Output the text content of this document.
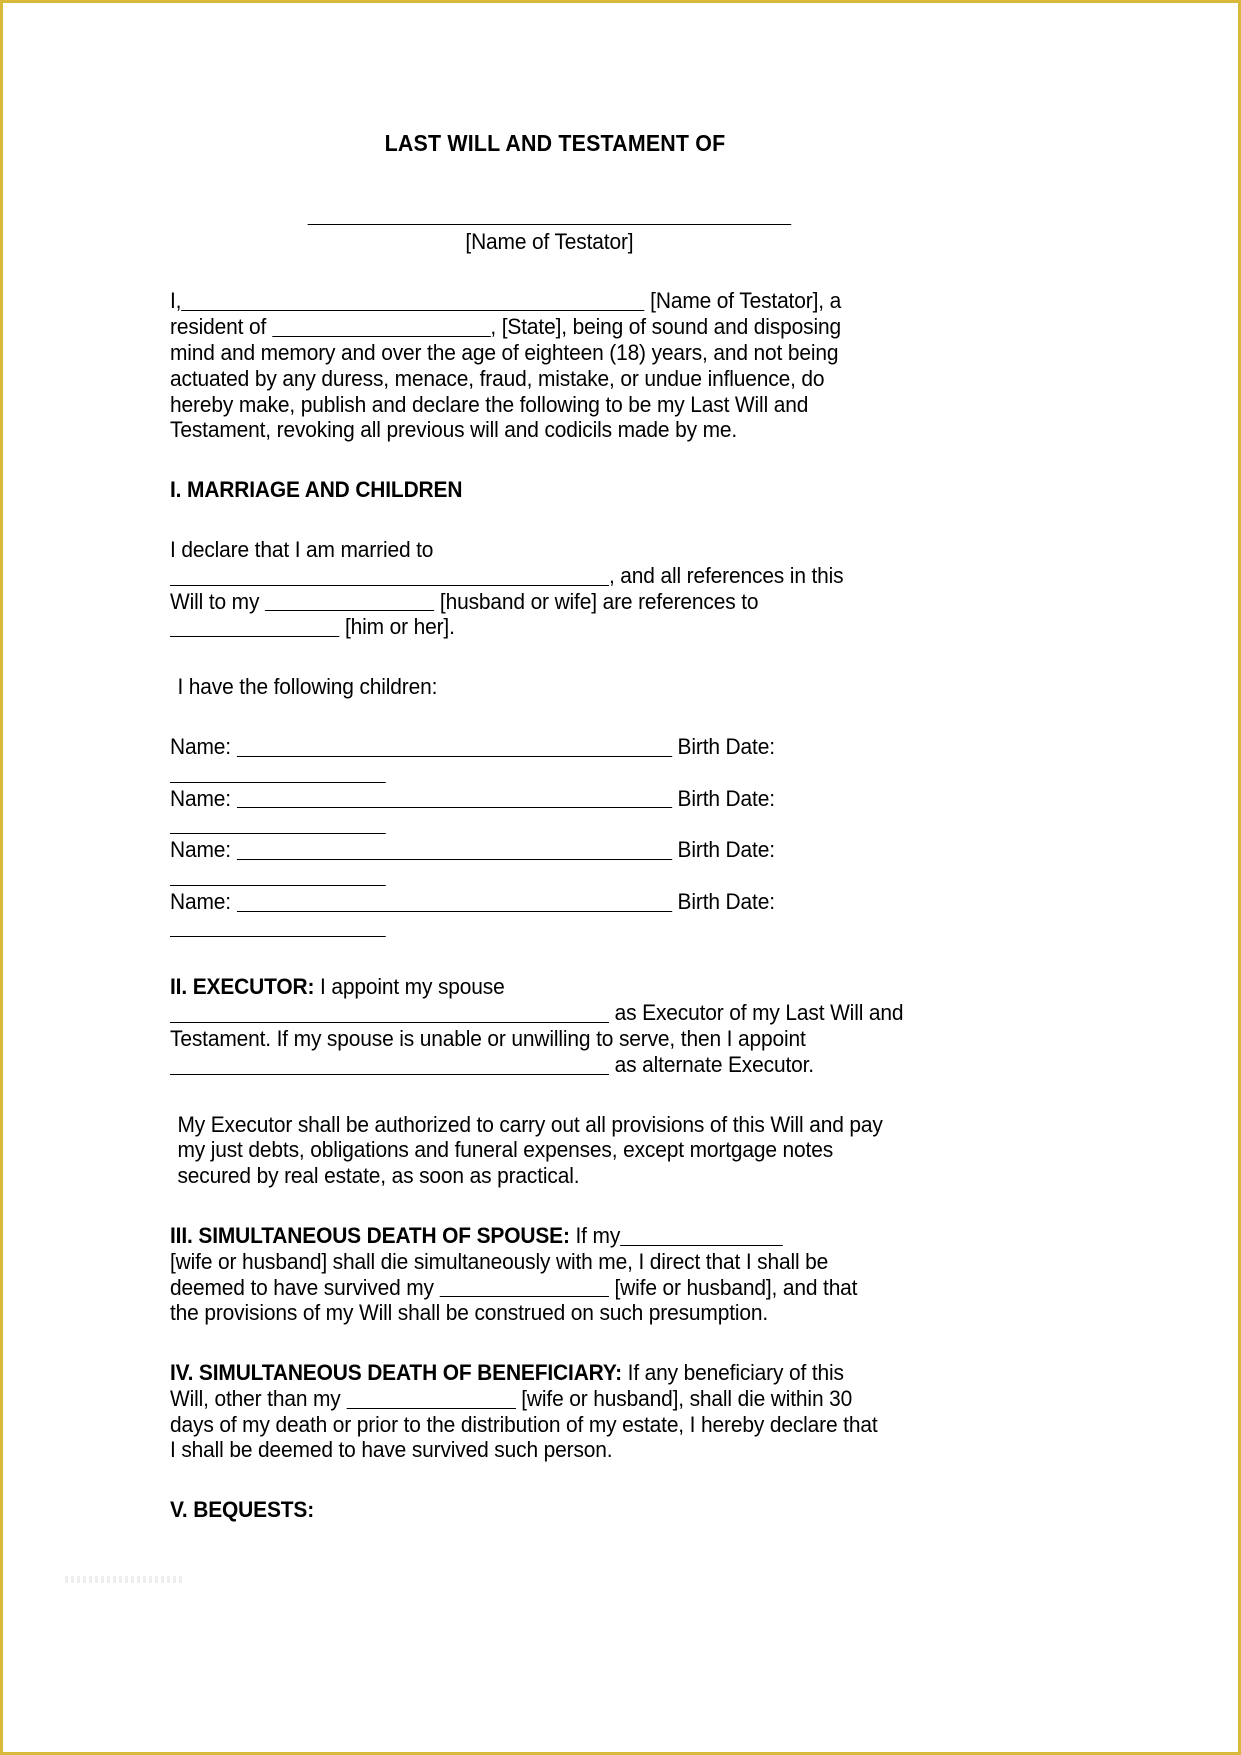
LAST WILL AND TESTAMENT OF
[Name of Testator]

I,	[Name of Testator], a
resident of	, [State], being of sound and disposing
mind and memory and over the age of eighteen (18) years, and not being
actuated by any duress, menace, fraud, mistake, or undue influence, do
hereby make, publish and declare the following to be my Last Will and
Testament, revoking all previous will and codicils made by me.

I. MARRIAGE AND CHILDREN

I declare that I am married to
, and all references in this
Will to my	[husband or wife] are references to
[him or her].

I have the following children:

Name:	Birth Date:

Name:	Birth Date:

Name:	Birth Date:

Name:	Birth Date:

II. EXECUTOR: I appoint my spouse
as Executor of my Last Will and
Testament. If my spouse is unable or unwilling to serve, then I appoint
as alternate Executor.

My Executor shall be authorized to carry out all provisions of this Will and pay
my just debts, obligations and funeral expenses, except mortgage notes
secured by real estate, as soon as practical.

III. SIMULTANEOUS DEATH OF SPOUSE: If my
[wife or husband] shall die simultaneously with me, I direct that I shall be
deemed to have survived my	[wife or husband], and that
the provisions of my Will shall be construed on such presumption.

IV. SIMULTANEOUS DEATH OF BENEFICIARY: If any beneficiary of this
Will, other than my	[wife or husband], shall die within 30
days of my death or prior to the distribution of my estate, I hereby declare that
I shall be deemed to have survived such person.

V. BEQUESTS:
